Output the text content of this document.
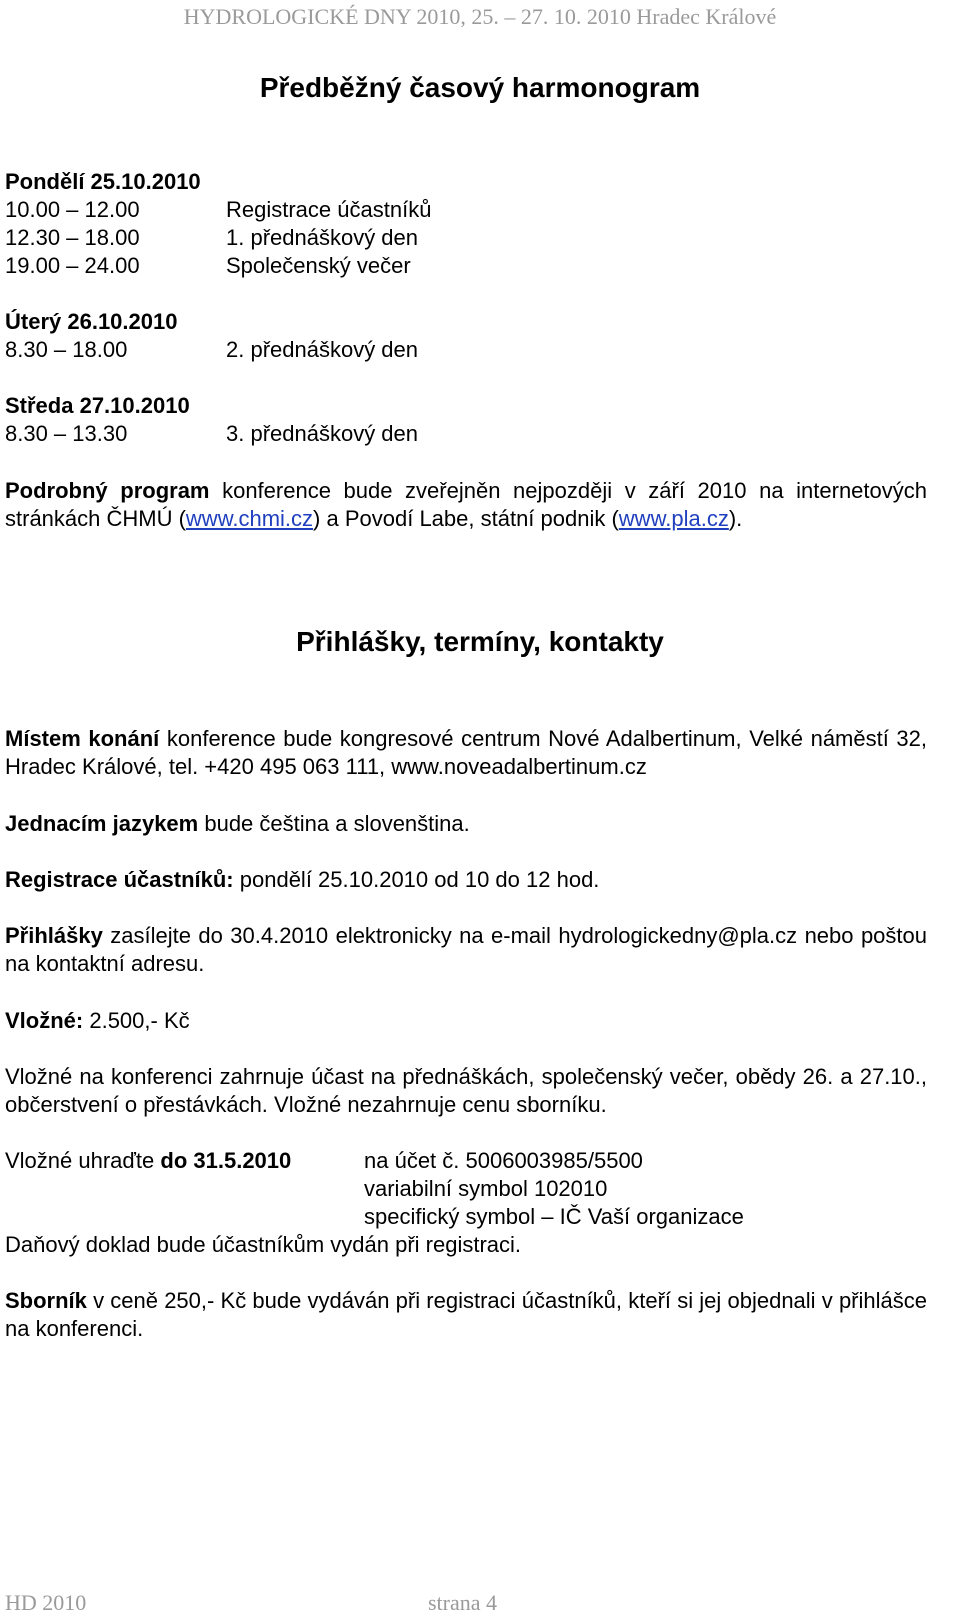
HYDROLOGICKÉ DNY 2010, 25. – 27. 10. 2010 Hradec Králové
Předběžný časový harmonogram
Pondělí 25.10.2010
10.00 – 12.00	Registrace účastníků
12.30 – 18.00	1. přednáškový den
19.00 – 24.00	Společenský večer
Úterý 26.10.2010
8.30 – 18.00	2. přednáškový den
Středa 27.10.2010
8.30 – 13.30	3. přednáškový den
Podrobný program konference bude zveřejněn nejpozději v září 2010 na internetových stránkách ČHMÚ (www.chmi.cz) a Povodí Labe, státní podnik (www.pla.cz).
Přihlášky, termíny, kontakty
Místem konání konference bude kongresové centrum Nové Adalbertinum, Velké náměstí 32, Hradec Králové, tel. +420 495 063 111, www.noveadalbertinum.cz
Jednacím jazykem bude čeština a slovenština.
Registrace účastníků: pondělí 25.10.2010 od 10 do 12 hod.
Přihlášky zasílejte do 30.4.2010 elektronicky na e-mail hydrologickedny@pla.cz nebo poštou na kontaktní adresu.
Vložné: 2.500,- Kč
Vložné na konferenci zahrnuje účast na přednáškách, společenský večer, obědy 26. a 27.10., občerstvení o přestávkách. Vložné nezahrnuje cenu sborníku.
Vložné uhraďte do 31.5.2010	na účet č. 5006003985/5500
variabilní symbol 102010
specifický symbol – IČ Vaší organizace
Daňový doklad bude účastníkům vydán při registraci.
Sborník v ceně 250,- Kč bude vydáván při registraci účastníků, kteří si jej objednali v přihlášce na konferenci.
HD 2010	strana 4
